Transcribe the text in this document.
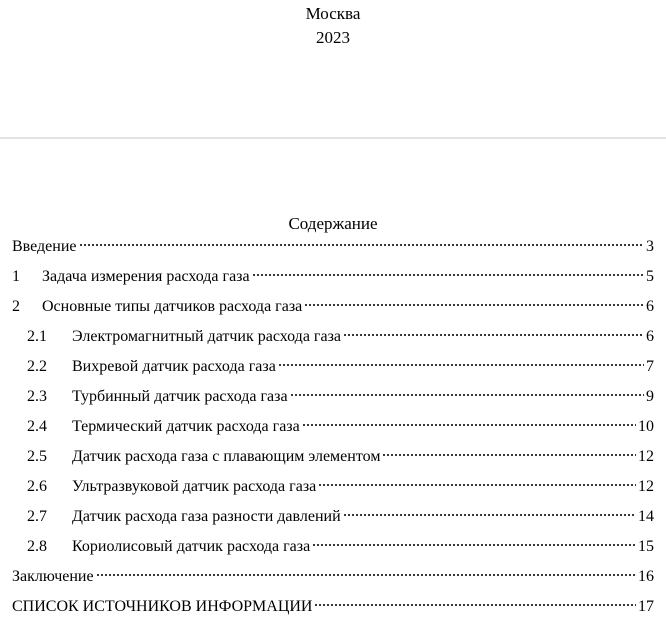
Москва
2023
Содержание
Введение	3
1	Задача измерения расхода газа	5
2	Основные типы датчиков расхода газа	6
2.1	Электромагнитный датчик расхода газа	6
2.2	Вихревой датчик расхода газа	7
2.3	Турбинный датчик расхода газа	9
2.4	Термический датчик расхода газа	10
2.5	Датчик расхода газа с плавающим элементом	12
2.6	Ультразвуковой датчик расхода газа	12
2.7	Датчик расхода газа разности давлений	14
2.8	Кориолисовый датчик расхода газа	15
Заключение	16
СПИСОК ИСТОЧНИКОВ ИНФОРМАЦИИ	17
